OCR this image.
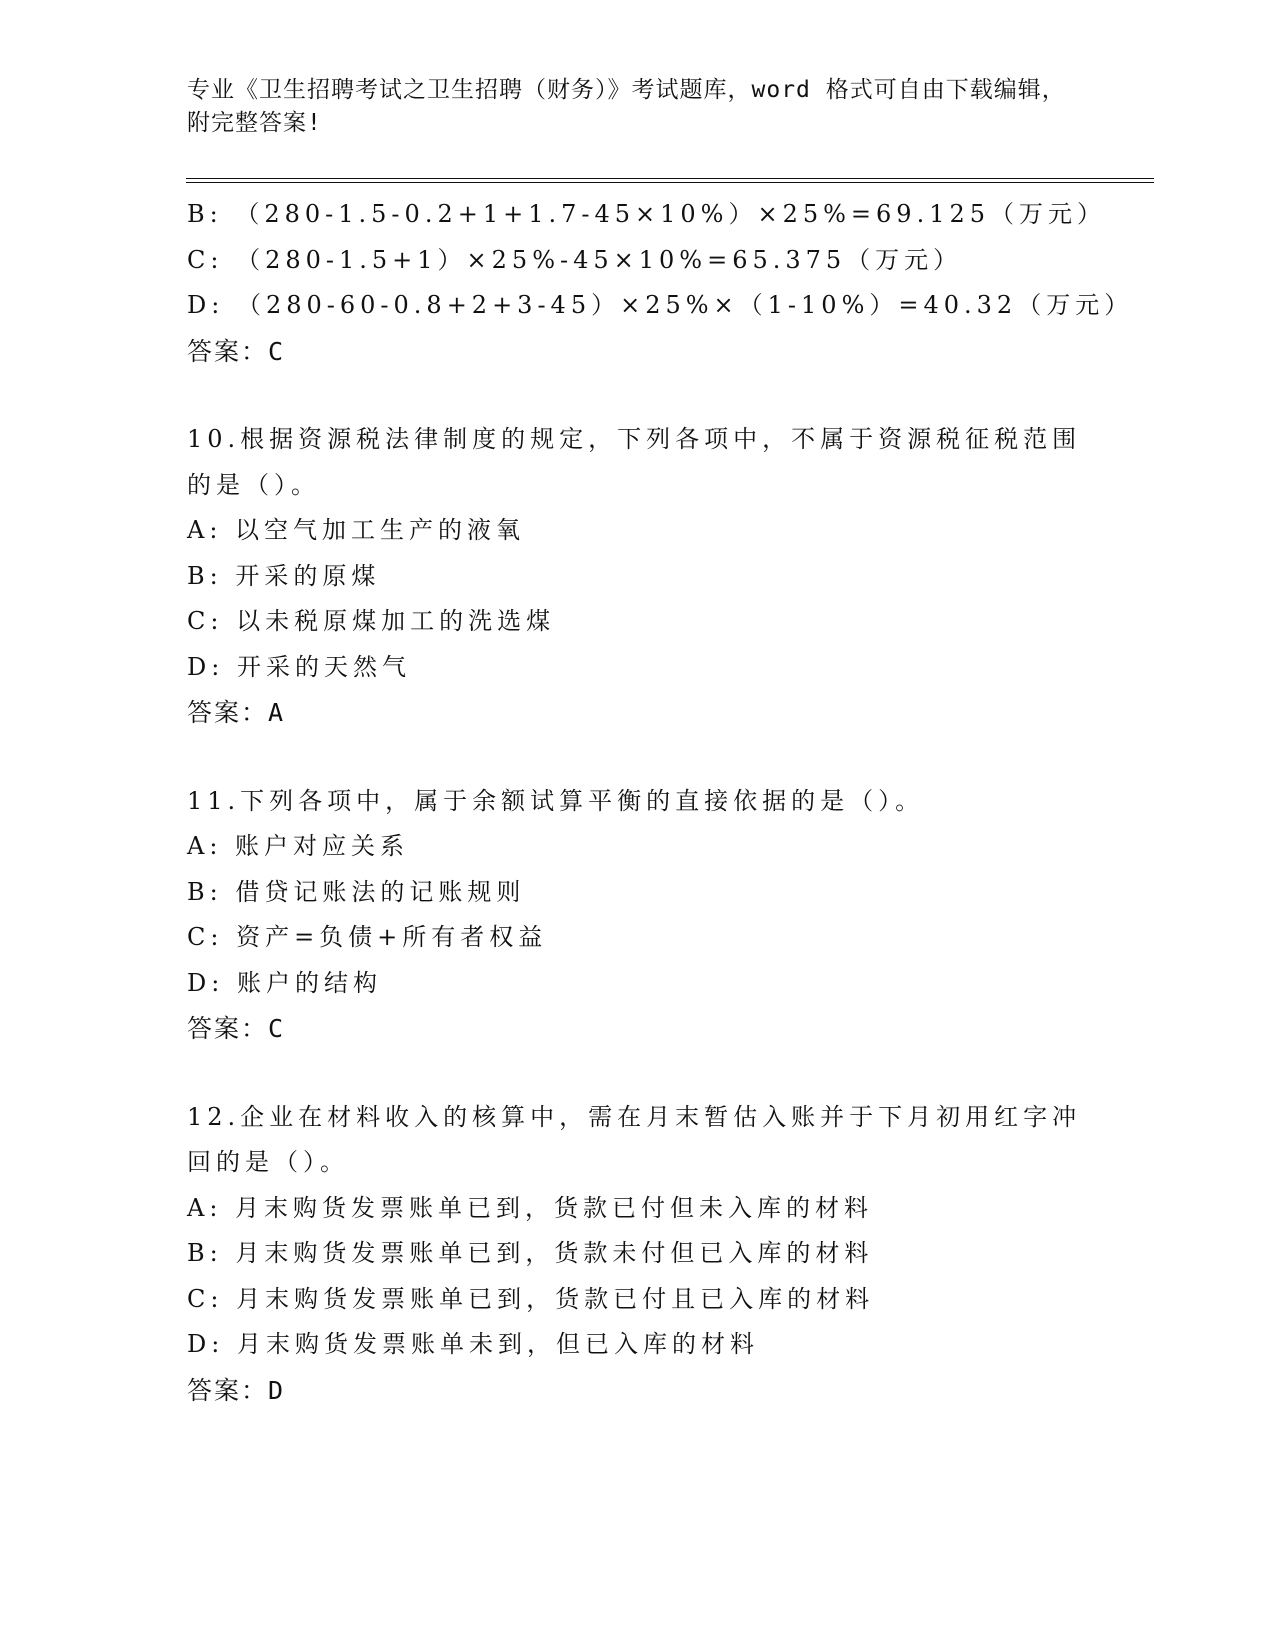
专业《卫生招聘考试之卫生招聘（财务）》考试题库，word 格式可自由下载编辑，附完整答案!
B: （280-1.5-0.2+1+1.7-45×10%）×25%=69.125（万元）
C: （280-1.5+1）×25%-45×10%=65.375（万元）
D: （280-60-0.8+2+3-45）×25%×（1-10%）=40.32（万元）
答案：C
10.根据资源税法律制度的规定，下列各项中，不属于资源税征税范围
的是（）。
A: 以空气加工生产的液氧
B: 开采的原煤
C: 以未税原煤加工的洗选煤
D: 开采的天然气
答案：A
11.下列各项中，属于余额试算平衡的直接依据的是（）。
A: 账户对应关系
B: 借贷记账法的记账规则
C: 资产=负债+所有者权益
D: 账户的结构
答案：C
12.企业在材料收入的核算中，需在月末暂估入账并于下月初用红字冲
回的是（）。
A: 月末购货发票账单已到，货款已付但未入库的材料
B: 月末购货发票账单已到，货款未付但已入库的材料
C: 月末购货发票账单已到，货款已付且已入库的材料
D: 月末购货发票账单未到，但已入库的材料
答案：D
